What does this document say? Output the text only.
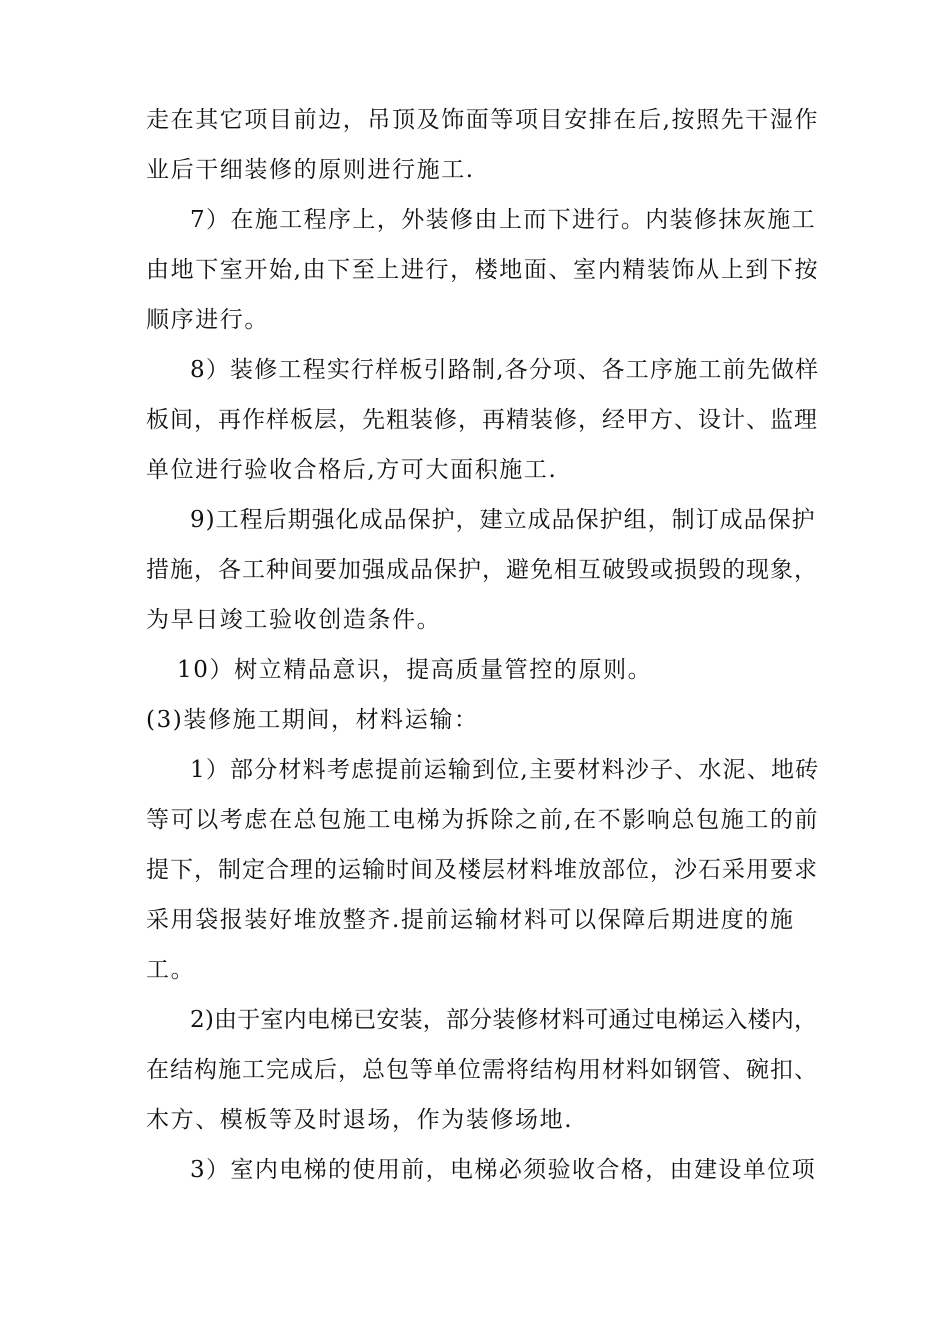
走在其它项目前边，吊顶及饰面等项目安排在后,按照先干湿作
业后干细装修的原则进行施工.
7）在施工程序上，外装修由上而下进行。内装修抹灰施工
由地下室开始,由下至上进行，楼地面、室内精装饰从上到下按
顺序进行。
8）装修工程实行样板引路制,各分项、各工序施工前先做样
板间，再作样板层，先粗装修，再精装修，经甲方、设计、监理
单位进行验收合格后,方可大面积施工.
9)工程后期强化成品保护，建立成品保护组，制订成品保护
措施，各工种间要加强成品保护，避免相互破毁或损毁的现象，
为早日竣工验收创造条件。
10）树立精品意识，提高质量管控的原则。
(3)装修施工期间，材料运输：
1）部分材料考虑提前运输到位,主要材料沙子、水泥、地砖
等可以考虑在总包施工电梯为拆除之前,在不影响总包施工的前
提下，制定合理的运输时间及楼层材料堆放部位，沙石采用要求
采用袋报装好堆放整齐.提前运输材料可以保障后期进度的施
工。
2)由于室内电梯已安装，部分装修材料可通过电梯运入楼内，
在结构施工完成后，总包等单位需将结构用材料如钢管、碗扣、
木方、模板等及时退场，作为装修场地.
3）室内电梯的使用前，电梯必须验收合格，由建设单位项
